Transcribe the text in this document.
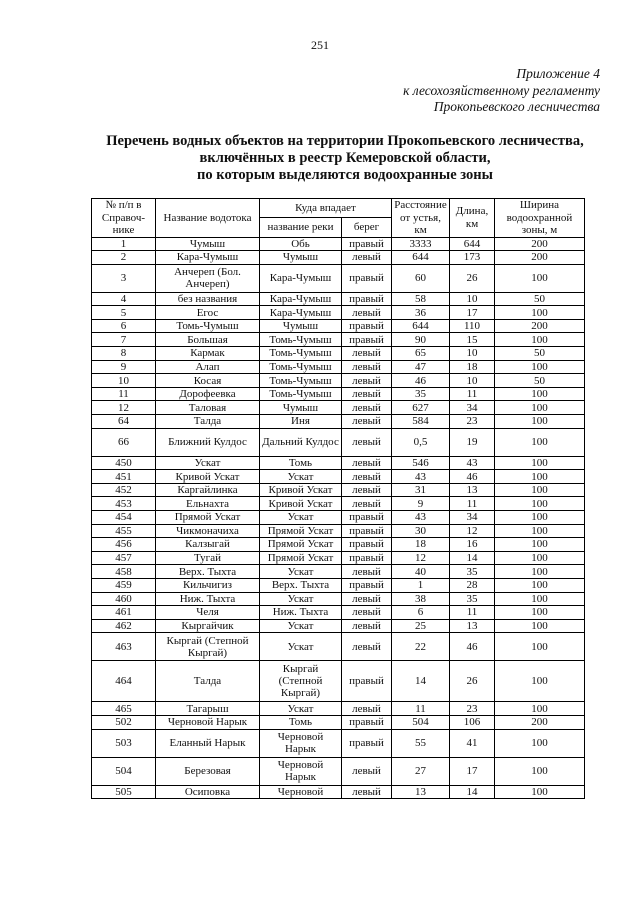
251
Приложение 4
к лесохозяйственному регламенту
Прокопьевского лесничества
Перечень водных объектов на территории Прокопьевского лесничества,
включённых в реестр Кемеровской области,
по которым выделяются водоохранные зоны
№ п/п в Справоч-нике	Название водотока	Куда впадает		Расстояние от устья, км	Длина, км	Ширина водоохранной зоны, м
		название реки	берег			
1	Чумыш	Обь	правый	3333	644	200
2	Кара-Чумыш	Чумыш	левый	644	173	200
3	Анчереп (Бол. Анчереп)	Кара-Чумыш	правый	60	26	100
4	без названия	Кара-Чумыш	правый	58	10	50
5	Егос	Кара-Чумыш	левый	36	17	100
6	Томь-Чумыш	Чумыш	правый	644	110	200
7	Большая	Томь-Чумыш	правый	90	15	100
8	Кармак	Томь-Чумыш	левый	65	10	50
9	Алап	Томь-Чумыш	левый	47	18	100
10	Косая	Томь-Чумыш	левый	46	10	50
11	Дорофеевка	Томь-Чумыш	левый	35	11	100
12	Таловая	Чумыш	левый	627	34	100
64	Талда	Иня	левый	584	23	100
66	Ближний Кулдос	Дальний Кулдос	левый	0,5	19	100
450	Ускат	Томь	левый	546	43	100
451	Кривой Ускат	Ускат	левый	43	46	100
452	Каргайлинка	Кривой Ускат	левый	31	13	100
453	Ельнахта	Кривой Ускат	левый	9	11	100
454	Прямой Ускат	Ускат	правый	43	34	100
455	Чикмоначиха	Прямой Ускат	правый	30	12	100
456	Калзыгай	Прямой Ускат	правый	18	16	100
457	Тугай	Прямой Ускат	правый	12	14	100
458	Верх. Тыхта	Ускат	левый	40	35	100
459	Кильчигиз	Верх. Тыхта	правый	1	28	100
460	Ниж. Тыхта	Ускат	левый	38	35	100
461	Челя	Ниж. Тыхта	левый	6	11	100
462	Кыргайчик	Ускат	левый	25	13	100
463	Кыргай (Степной Кыргай)	Ускат	левый	22	46	100
464	Талда	Кыргай (Степной Кыргай)	правый	14	26	100
465	Тагарыш	Ускат	левый	11	23	100
502	Черновой Нарык	Томь	правый	504	106	200
503	Еланный Нарык	Черновой Нарык	правый	55	41	100
504	Березовая	Черновой Нарык	левый	27	17	100
505	Осиповка	Черновой	левый	13	14	100
